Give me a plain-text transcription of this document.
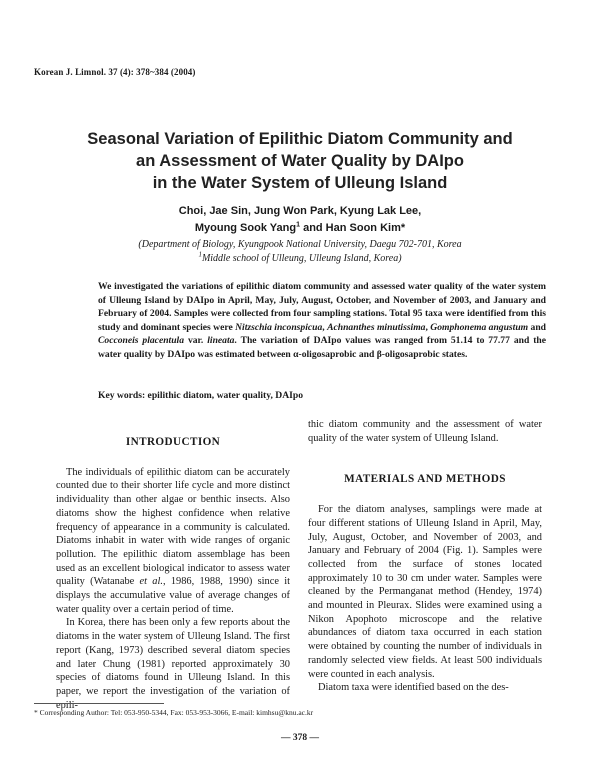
Korean J. Limnol. 37 (4): 378~384 (2004)
Seasonal Variation of Epilithic Diatom Community and
an Assessment of Water Quality by DAIpo
in the Water System of Ulleung Island
Choi, Jae Sin, Jung Won Park, Kyung Lak Lee,
Myoung Sook Yang$^1$ and Han Soon Kim*
(Department of Biology, Kyungpook National University, Daegu 702-701, Korea
$^1$Middle school of Ulleung, Ulleung Island, Korea)
We investigated the variations of epilithic diatom community and assessed water quality of the water system of Ulleung Island by DAIpo in April, May, July, August, October, and November of 2003, and January and February of 2004. Samples were collected from four sampling stations. Total 95 taxa were identified from this study and dominant species were Nitzschia inconspicua, Achnanthes minutissima, Gomphonema angustum and Cocconeis placentula var. lineata. The variation of DAIpo values was ranged from 51.14 to 77.77 and the water quality by DAIpo was estimated between α-oligosaprobic and β-oligosaprobic states.
Key words: epilithic diatom, water quality, DAIpo
INTRODUCTION

The individuals of epilithic diatom can be accurately counted due to their shorter life cycle and more distinct individuality than other algae or benthic insects. Also diatoms show the highest confidence when relative frequency of appearance in a community is calculated. Diatoms inhabit in water with wide ranges of organic pollution. The epilithic diatom assemblage has been used as an excellent biological indicator to assess water quality (Watanabe et al., 1986, 1988, 1990) since it displays the accumulative value of average changes of water quality over a certain period of time.

In Korea, there has been only a few reports about the diatoms in the water system of Ulleung Island. The first report (Kang, 1973) described several diatom species and later Chung (1981) reported approximately 30 species of diatoms found in Ulleung Island. In this paper, we report the investigation of the variation of epili-

thic diatom community and the assessment of water quality of the water system of Ulleung Island.

MATERIALS AND METHODS

For the diatom analyses, samplings were made at four different stations of Ulleung Island in April, May, July, August, October, and November of 2003, and January and February of 2004 (Fig. 1). Samples were collected from the surface of stones located approximately 10 to 30 cm under water. Samples were cleaned by the Permanganat method (Hendey, 1974) and mounted in Pleurax. Slides were examined using a Nikon Apophoto microscope and the relative abundances of diatom taxa occurred in each station were obtained by counting the number of individuals in randomly selected view fields. At least 500 individuals were counted in each analysis.

Diatom taxa were identified based on the des-

* Corresponding Author: Tel: 053-950-5344, Fax: 053-953-3066, E-mail: kimhsu@knu.ac.kr
— 378 —
